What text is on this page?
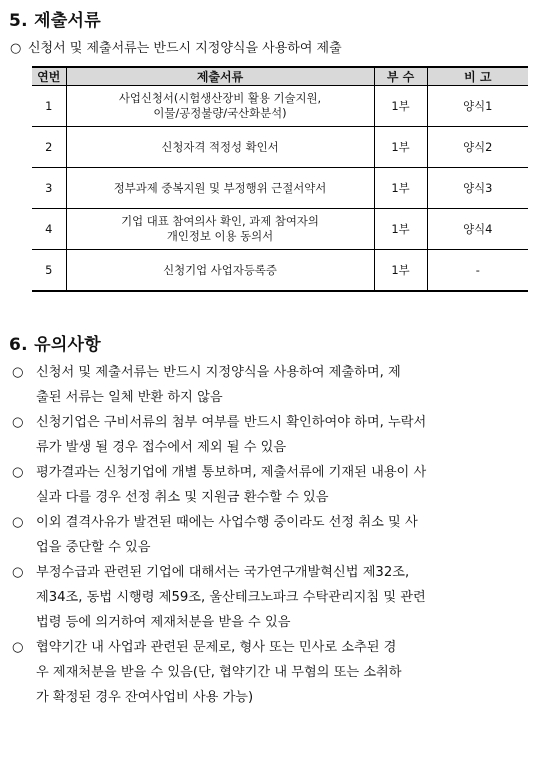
5. 제출서류
○ 신청서 및 제출서류는 반드시 지정양식을 사용하여 제출
연번	제출서류	부 수	비 고
1	사업신청서(시험생산장비 활용 기술지원,
이물/공정불량/국산화분석)	1부	양식1
2	신청자격 적정성 확인서	1부	양식2
3	정부과제 중복지원 및 부정행위 근절서약서	1부	양식3
4	기업 대표 참여의사 확인, 과제 참여자의
개인정보 이용 동의서	1부	양식4
5	신청기업 사업자등록증	1부	-
6. 유의사항
○ 신청서 및 제출서류는 반드시 지정양식을 사용하여 제출하며, 제
출된 서류는 일체 반환 하지 않음
○ 신청기업은 구비서류의 첨부 여부를 반드시 확인하여야 하며, 누락서
류가 발생 될 경우 접수에서 제외 될 수 있음
○ 평가결과는 신청기업에 개별 통보하며, 제출서류에 기재된 내용이 사
실과 다를 경우 선정 취소 및 지원금 환수할 수 있음
○ 이외 결격사유가 발견된 때에는 사업수행 중이라도 선정 취소 및 사
업을 중단할 수 있음
○ 부정수급과 관련된 기업에 대해서는 국가연구개발혁신법 제32조,
제34조, 동법 시행령 제59조, 울산테크노파크 수탁관리지침 및 관련
법령 등에 의거하여 제재처분을 받을 수 있음
○ 협약기간 내 사업과 관련된 문제로, 형사 또는 민사로 소추된 경
우 제재처분을 받을 수 있음(단, 협약기간 내 무혐의 또는 소취하
가 확정된 경우 잔여사업비 사용 가능)
